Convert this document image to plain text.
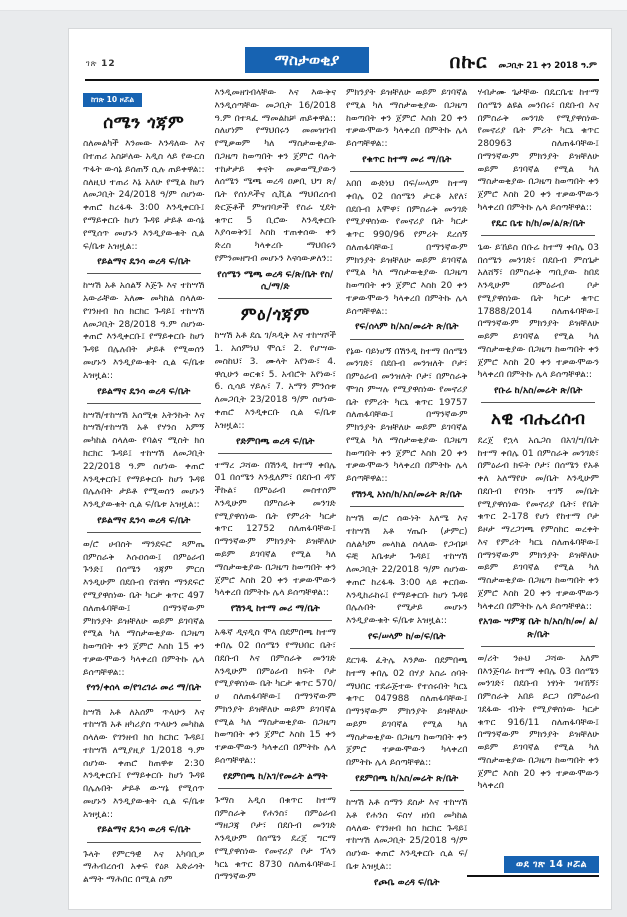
ገጽ 12	ማስታወቂያ	በኩር መጋቢት 21 ቀን 2018 ዓ.ም
ከገጽ 10 ዞሯል
ሰሜን ጎጃም
ስለመልካች እንመው እንዳለው እና በተጠሪ አስቻለው አዲስ ላይ የውርስ ጥፋት ውሳኔ ይሰጠኝ ሲሉ ጠይቀዋል:: ስለዚህ ተጠሪ እኔ አለሁ የሚል ከሆነ ለመጋቢት 24/2018 ዓ/ም ሰሆነው ቀጠሮ ከረፋዱ 3:00 እንዲቀርቡ፤ የማይቀርቡ ከሆነ ጉዳዩ ታይቶ ውሳኔ የሚሰጥ መሆኑን እንዲያውቁት ሲል ፍ/ቤቱ አዝዟል::
የይልማና ዴንሳ ወረዳ ፍ/ቤት
ከሣሽ አቶ አሰልኝ እጅጉ እና ተከሣሽ አውራቸው አለሙ መካከል ስላለው የገንዘብ ክስ ክርክር ጉዳይ፤ ተከሣሽ ለመጋቢት 28/2018 ዓ.ም ሰሆነው ቀጠሮ እንዲቀርቡ፤ የማይቀርቡ ከሆነ ጉዳዩ በሌሉበት ታይቶ የሚወሰን መሆኑን እንዲያውቁት ሲል ፍ/ቤቱ አዝዟል::
የይልማና ዴንሳ ወረዳ ፍ/ቤት
ከሣሽ/ተከሣሽ አሰሚቁ አትንኩት እና ከሣሽ/ተከሣሽ አቶ የሃንስ አምኝ መካከል ስላለው የባልና ሚስት ክስ ክርክር ጉዳይ፤ ተከሣሽ ለመጋቢት 22/2018 ዓ.ም ሰሆነው ቀጠሮ እንዲቀርቡ፤ የማይቀርቡ ከሆነ ጉዳዩ በሌሉበት ታይቶ የሚወሰን መሆኑን እንዲያውቁት ሲል ፍ/ቤቱ አዝዟል::
የይልማና ዴንሳ ወረዳ ፍ/ቤት
ወ/ሮ ሀብስት ማንደፍሮ ጻምጤ በምስራቅ እሱዐሰው፤ በምዕራብ ጉንድ፤ በሰሜን ጎጃም ምርስ እንዲሁም በደቡብ የሸዋስ ማንደፍሮ የሚያዋስነው ቤት ካርታ ቁጥር 497 ስለጠፋባቸው፤ በማንኛውም ምክንያት ይዝቸለሁ ወይም ይገባኛል የሚል ካለ ማስታወቂያው በጋዜጣ ከወጣበት ቀን ጀምሮ እስከ 15 ቀን ተቃውሞውን ካላቀረበ በምትኩ ሌላ ይሰጣቸዋል::
የጎን/ቀሰላ ወ/የገረገራ መሪ ማ/ቤት
ከሣሽ አቶ ለአሰም ጥላሁን እና ተከሣሽ አቶ ዘካሪያስ ጥላሁን መካከል ስላለው የገንዘብ ክስ ክርክር ጉዳይ፤ ተከሣሽ ለሚያዚያ 1/2018 ዓ.ም ሰሆነው ቀጠሮ ከጠዋቱ 2:30 እንዲቀርቡ፤ የማይቀርቡ ከሆነ ጉዳዩ በሌሉበት ታይቶ ውሣኔ የሚሰጥ መሆኑን እንዲያውቁት ሲል ፍ/ቤቱ አዝዟል::
የይልማና ዴንሳ ወረዳ ፍ/ቤት
ጉላት የምርዓዊ እና አካባቢዎ ማሕብረሰብ አቀፍ የዕጾ አድራጎት ልማት ማሕበር በሚል ስም
እንዲመዘገብላቸው እና እውቅና እንዲሰጣቸው መጋቢት 16/2018 ዓ.ም በተጻፈ ማመልከቻ ጠይቀዋል:: ስለሆነም የማህበሩን መመዝገብ የሚቃወም ካለ ማስታወቂያው በጋዜጣ ከወጣበት ቀን ጀምሮ ባሉት ተከታታይ ቀናት መቃወሚያውን ለሰሜን ሜጫ ወረዳ ዐቃቢ ህግ ጽ/ቤት የሰነዶችና ሲቪል ማህበረሰብ ድርጅቶች ምዝገባዎች የስራ ሂደት ቁጥር 5 ቢሮው እንዲቀርቡ እያሳወቅን፤ እስከ ተጠቀሰው ቀን ድረስ ካላቀረቡ ማህበሩን የምንመዘግብ መሆኑን እናሳውቃለን::
የሰሜን ሜጫ ወረዳ ፍ/ጽ/ቤት የስ/ሲ/ማ/ድ
ምዕ/ጎጃም
ከሣሽ አቶ ደሴ ገ/ጻዲቅ እና ተከሣሾች 1. አሰምነህ ሞሴ፣ 2. የሆሣው መስከህ፣ 3. ሙላት አየነው፣ 4. ዋሲሁን ወርቁ፣ 5. አብሮት አየነው፣ 6. ሲሳይ ሃይሉ፣ 7. አማን ምንሰቱ ለመጋቢት 23/2018 ዓ/ም ሰሆነው ቀጠሮ እንዲቀርቡ ሲል ፍ/ቤቱ አዝዟል::
የድምበጫ ወረዳ ፍ/ቤት
ተማረ ጋሻው በሽንዲ ከተማ ቀበሌ 01 በሰሜን እንዷለም፣ በደቡብ ዳኘ ችኩል፣ በምዕራብ መስተሰም እንዲሁም በምስራቅ መንገድ የሚያዋስነው ቤት የምሪት ካርታ ቁጥር 12752 ስለጠፋባቸው፤ በማንኛውም ምክንያት ይዝቸለሁ ወይም ይገባኛል የሚል ካለ ማስታወቂያው በጋዜጣ ከወጣበት ቀን ጀምሮ እስከ 20 ቀን ተቃውሞውን ካላቀረበ በምትኩ ሌላ ይሰጣቸዋል::
የሽንዲ ከተማ መሪ ማ/ቤት
አዱኛ ዲናዲስ ሞላ በደምበጫ ከተማ ቀበሌ 02 በሰሜን የማህበር ቤት፣ በደቡብ እና በምስራቅ መንገድ እንዲሁም በምዕራብ ክፍት ቦታ የሚያዋስነው ቤት ካርታ ቁጥር 570/ሀ ስለጠፋባቸው፤ በማንኛውም ምክንያት ይዝቸለሁ ወይም ይገባኛል የሚል ካለ ማስታወቂያው በጋዜጣ ከወጣበት ቀን ጀምሮ እስከ 15 ቀን ተቃውሞውን ካላቀረበ በምትኩ ሌላ ይሰጣቸዋል::
የደምበጫ ከ/አገ/የመሬት ልማት
ጉማስ አዲስ በቁጥር ከተማ በምስራቅ የሐንስ፣ በምዕራብ ማዘጋጃ ቦታ፣ በደቡብ መንገድ እንዲሁም በሰሜን ደረጀ ግርማ የሚያዋስነው የመኖሪያ ቦታ ፕላን ካርኒ ቁጥር 8730 ስለጠፋባቸው፤ በማንኛውም
ምክንያት ይዝቸለሁ ወይም ይገባኛል የሚል ካለ ማስታወቂያው በጋዜጣ ከወጣበት ቀን ጀምሮ እስከ 20 ቀን ተቃውሞውን ካላቀረበ በምትኩ ሌላ ይሰጣቸዋል::
የቁጥር ከተማ መሪ ማ/ቤት
አበበ ውድነህ በፍ/ሠላም ከተማ ቀበሌ 02 በሰሜን ታርቆ አየለ፣ በደቡብ አሞዋ፣ በምስራቅ መንገድ የሚያዋስነው የመኖሪያ ቤት ካርታ ቁጥር 990/96 የምሪት ደረሰኝ ስለጠፋባቸው፤ በማንኛውም ምክንያት ይዝቸለሁ ወይም ይገባኛል የሚል ካለ ማስታወቂያው በጋዜጣ ከወጣበት ቀን ጀምሮ እስከ 20 ቀን ተቃውሞውን ካላቀረበ በምትኩ ሌላ ይሰጣቸዋል::
የፍ/ሰላም ከ/አስ/መሬት ጽ/ቤት
የኔው ባይነሆኝ በሽንዲ ከተማ በሰሜን መንገድ፣ በደቡብ መንዝለት ቦታ፣ በምዕራብ መንዝለት ቦታ፣ በምስራቅ ሞገስ ምሣሉ የሚያዋስነው የመኖሪያ ቤት የምሪት ካርኒ ቁጥር 19757 ስለጠፋባቸው፤ በማንኛውም ምክንያት ይዝቸለሁ ወይም ይገባኛል የሚል ካለ ማስታወቂያው በጋዜጣ ከወጣበት ቀን ጀምሮ እስከ 20 ቀን ተቃውሞውን ካላቀረበ በምትኩ ሌላ ይሰጣቸዋል::
የሽንዲ አነስ/ከ/አስ/መሬት ጽ/ቤት
ከሣሽ ወ/ሮ ሰውነት አለሜ እና ተከሣሽ አቶ ሃጤቡ (ታምር) ስለልካም መላክል ስላለው የጋብቻ ፍቺ አቤቱታ ጉዳይ፤ ተከሣሽ ለመጋቢት 22/2018 ዓ/ም ሰሆነው ቀጠሮ ከረፋዱ 3:00 ላይ ቀርበው እንዲከራከሩ፤ የማይቀርቡ ከሆነ ጉዳዩ በሌሉበት የሚታይ መሆኑን እንዲያውቁት ፍ/ቤቱ አዝዟል::
የፍ/ሠላም ከ/ወ/ፍ/ቤት
ደርገዱ ፈትሌ እንፆው በደምበጫ ከተማ ቀበሌ 02 በሃያ አስራ ሰባት ማህበር ተደራጅተው የተሰሩበት ካርኒ ቁጥር 047988 ስለጠፋባቸው፤ በማንኛውም ምክንያት ይዝቸለሁ ወይም ይገባኛል የሚል ካለ ማስታወቂያው በጋዜጣ ከወጣበት ቀን ጀምሮ ተቃውሞውን ካላቀረበ በምትኩ ሌላ ይሰጣቸዋል::
የደምበጫ ከ/አስ/መሬት ጽ/ቤት
ከሣሽ አቶ ስማን ደስታ እና ተከሣሽ አቶ የሐንስ ፍስሃ ዘነበ መካከል ስላለው የገንዘብ ክስ ክርክር ጉዳይ፤ ተከሣሽ ለመጋቢት 25/2018 ዓ/ም ሰሆነው ቀጠሮ እንዲቀርቡ ሲል ፍ/ቤቱ አዝዟል::
የጮቤ ወረዳ ፍ/ቤት
ሃብታሙ ጌታቸው በዴርቤቴ ከተማ በሰሜን ልዩል መንበሩ፣ በደቡብ እና በምስራቅ መንገድ የሚያዋስነው የመኖሪያ ቤት ምሪት ካርኒ ቁጥር 280963 ስለጠፋባቸው፤ በማንኛውም ምክንያት ይዝቸለሁ ወይም ይገባኛል የሚል ካለ ማስታወቂያው በጋዜጣ ከወጣበት ቀን ጀምሮ እስከ 20 ቀን ተቃውሞውን ካላቀረበ በምትኩ ሌላ ይሰጣቸዋል::
የዴር ቤቴ ከ/ከ/መ/ል/ጽ/ቤት
ጌው ይኸይስ በቡሬ ከተማ ቀበሌ 03 በሰሜን መንገድ፣ በደቡብ ምስጌታ አለሸኝ፣ በምስራቅ ጣቢያው ከበደ እንዲሁም በምዕራብ ቦታ የሚያዋስነው ቤት ካርታ ቁጥር 17888/2014 ስለጠፋባቸው፤ በማንኛውም ምክንያት ይዝቸለሁ ወይም ይገባኛል የሚል ካለ ማስታወቂያው በጋዜጣ ከወጣበት ቀን ጀምሮ እስከ 20 ቀን ተቃውሞውን ካላቀረበ በምትኩ ሌላ ይሰጣቸዋል::
የቡሬ ከ/አስ/መሬት ጽ/ቤት
አዊ ብሔረሰብ
ደረጀ የኋላ አሴጋስ በአገ/ግ/ቤት ከተማ ቀበሌ 01 በምስራቅ መንገድ፣ በምዕራብ ክፍት ቦታ፣ በሰሜን የአቶ ቀለ አለማየሁ መ/ቤት እንዲሁም በደቡብ የባንኩ ተገኝ መ/ቤት የሚያዋስነው የመኖሪያ ቤት፣ የቤት ቁጥር 2-178 የሆነ የከተማ ቦታ ይዞታ ማረጋገጫ የምስክር ወረቀት እና የምሪት ካርኒ ስለጠፋባቸው፤ በማንኛውም ምክንያት ይዝቸለሁ ወይም ይገባኛል የሚል ካለ ማስታወቂያው በጋዜጣ ከወጣበት ቀን ጀምሮ እስከ 20 ቀን ተቃውሞውን ካላቀረበ በምትኩ ሌላ ይሰጣቸዋል::
የአገው ሣምጃ ቤት ከ/አስ/ከ/መ/ ል/ጽ/ቤት
ወ/ሪት ንፁህ ጋሻው አለም በእንጅባራ ከተማ ቀበሌ 03 በሰሜን መንገድ፣ በደቡብ ነፃነት ገዛኸኝ፣ በምስራቅ አበይ ይርጋ በምዕራብ ገደፋው ብነት የሚያዋስነው ካርታ ቁጥር 916/11 ስለጠፋባቸው፤ በማንኛውም ምክንያት ይዝቸለሁ ወይም ይገባኛል የሚል ካለ ማስታወቂያው በጋዜጣ ከወጣበት ቀን ጀምሮ እስከ 20 ቀን ተቃውሞውን ካላቀረበ
ወደ ገጽ 14 ዞሯል
